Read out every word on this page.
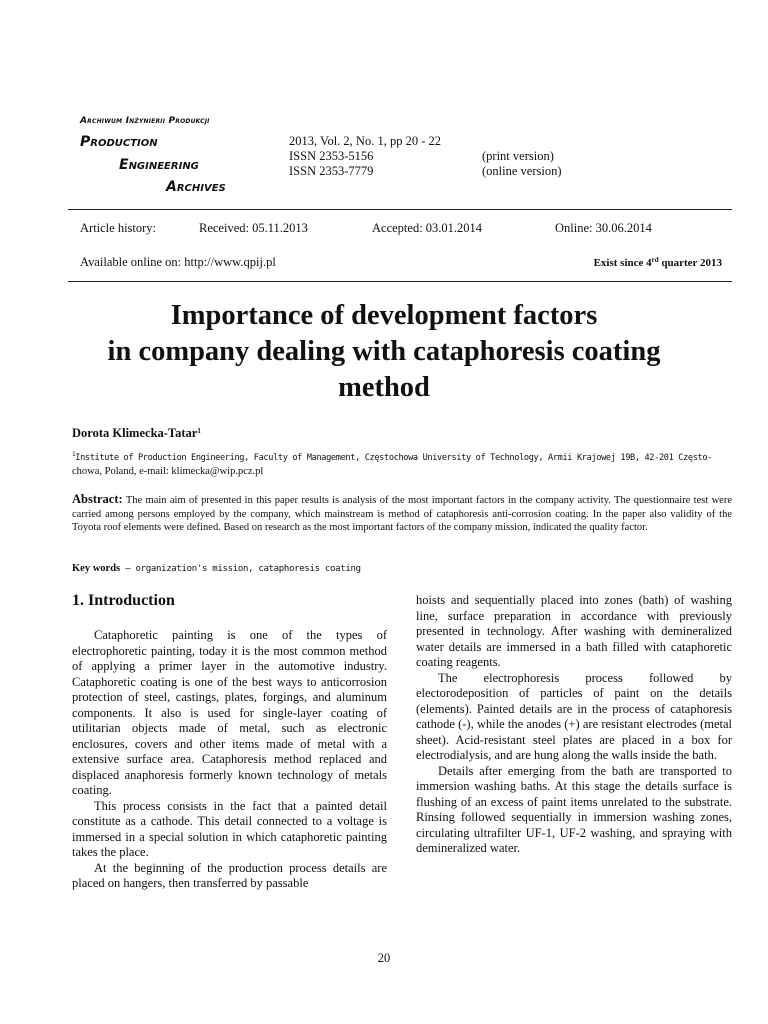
Archiwum Inżynierii Produkcji
Production
Engineering
Archives
2013, Vol. 2, No. 1, pp 20 - 22
ISSN 2353-5156
ISSN 2353-7779
(print version)
(online version)
Article history:	Received: 05.11.2013	Accepted: 03.01.2014	Online: 30.06.2014
Available online on: http://www.qpij.pl	Exist since 4rd quarter 2013
Importance of development factors
in company dealing with cataphoresis coating
method
Dorota Klimecka-Tatar$^1$
$^1$Institute of Production Engineering, Faculty of Management, Częstochowa University of Technology, Armii Krajowej 19B, 42-201 Często-
chowa, Poland, e-mail: klimecka@wip.pcz.pl
Abstract: The main aim of presented in this paper results is analysis of the most important factors in the company activity. The questionnaire test were carried among persons employed by the company, which mainstream is method of cataphoresis anti-corrosion coating. In the paper also validity of the Toyota roof elements were defined. Based on research as the most important factors of the company mission, indicated the quality factor.
Key words – organization's mission, cataphoresis coating
1. Introduction

Cataphoretic painting is one of the types of electrophoretic painting, today it is the most common method of applying a primer layer in the automotive industry. Cataphoretic coating is one of the best ways to anticorrosion protection of steel, castings, plates, forgings, and aluminum components. It also is used for single-layer coating of utilitarian objects made of metal, such as electronic enclosures, covers and other items made of metal with a extensive surface area. Cataphoresis method replaced and displaced anaphoresis formerly known technology of metals coating.

This process consists in the fact that a painted detail constitute as a cathode. This detail connected to a voltage is immersed in a special solution in which cataphoretic painting takes the place.

At the beginning of the production process details are placed on hangers, then transferred by passable

hoists and sequentially placed into zones (bath) of washing line, surface preparation in accordance with previously presented in technology. After washing with demineralized water details are immersed in a bath filled with cataphoretic coating reagents.

The electrophoresis process followed by electorodeposition of particles of paint on the details (elements). Painted details are in the process of cataphoresis cathode (-), while the anodes (+) are resistant electrodes (metal sheet). Acid-resistant steel plates are placed in a box for electrodialysis, and are hung along the walls inside the bath.

Details after emerging from the bath are transported to immersion washing baths. At this stage the details surface is flushing of an excess of paint items unrelated to the substrate. Rinsing followed sequentially in immersion washing zones, circulating ultrafilter UF-1, UF-2 washing, and spraying with demineralized water.

20
